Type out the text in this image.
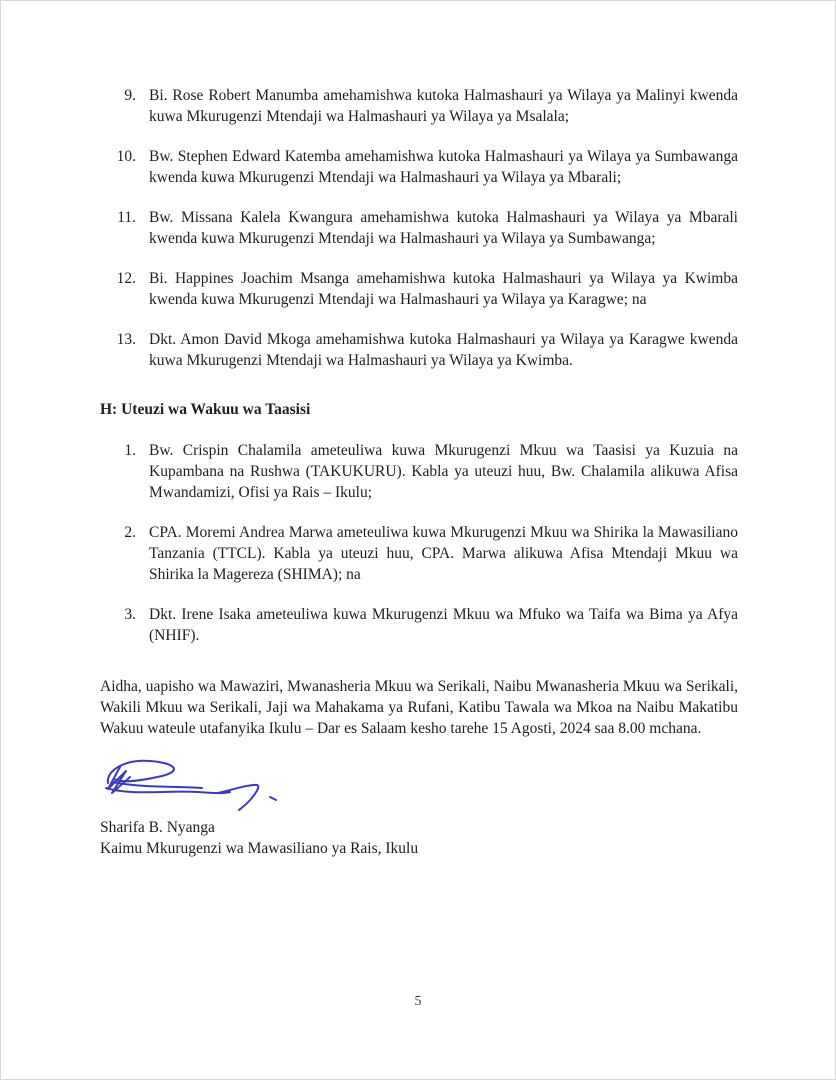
9. Bi. Rose Robert Manumba amehamishwa kutoka Halmashauri ya Wilaya ya Malinyi kwenda kuwa Mkurugenzi Mtendaji wa Halmashauri ya Wilaya ya Msalala;
10. Bw. Stephen Edward Katemba amehamishwa kutoka Halmashauri ya Wilaya ya Sumbawanga kwenda kuwa Mkurugenzi Mtendaji wa Halmashauri ya Wilaya ya Mbarali;
11. Bw. Missana Kalela Kwangura amehamishwa kutoka Halmashauri ya Wilaya ya Mbarali kwenda kuwa Mkurugenzi Mtendaji wa Halmashauri ya Wilaya ya Sumbawanga;
12. Bi. Happines Joachim Msanga amehamishwa kutoka Halmashauri ya Wilaya ya Kwimba kwenda kuwa Mkurugenzi Mtendaji wa Halmashauri ya Wilaya ya Karagwe; na
13. Dkt. Amon David Mkoga amehamishwa kutoka Halmashauri ya Wilaya ya Karagwe kwenda kuwa Mkurugenzi Mtendaji wa Halmashauri ya Wilaya ya Kwimba.
H: Uteuzi wa Wakuu wa Taasisi
1. Bw. Crispin Chalamila ameteuliwa kuwa Mkurugenzi Mkuu wa Taasisi ya Kuzuia na Kupambana na Rushwa (TAKUKURU). Kabla ya uteuzi huu, Bw. Chalamila alikuwa Afisa Mwandamizi, Ofisi ya Rais – Ikulu;
2. CPA. Moremi Andrea Marwa ameteuliwa kuwa Mkurugenzi Mkuu wa Shirika la Mawasiliano Tanzania (TTCL). Kabla ya uteuzi huu, CPA. Marwa alikuwa Afisa Mtendaji Mkuu wa Shirika la Magereza (SHIMA); na
3. Dkt. Irene Isaka ameteuliwa kuwa Mkurugenzi Mkuu wa Mfuko wa Taifa wa Bima ya Afya (NHIF).

Aidha, uapisho wa Mawaziri, Mwanasheria Mkuu wa Serikali, Naibu Mwanasheria Mkuu wa Serikali, Wakili Mkuu wa Serikali, Jaji wa Mahakama ya Rufani, Katibu Tawala wa Mkoa na Naibu Makatibu Wakuu wateule utafanyika Ikulu – Dar es Salaam kesho tarehe 15 Agosti, 2024 saa 8.00 mchana.

Sharifa B. Nyanga
Kaimu Mkurugenzi wa Mawasiliano ya Rais, Ikulu
5
